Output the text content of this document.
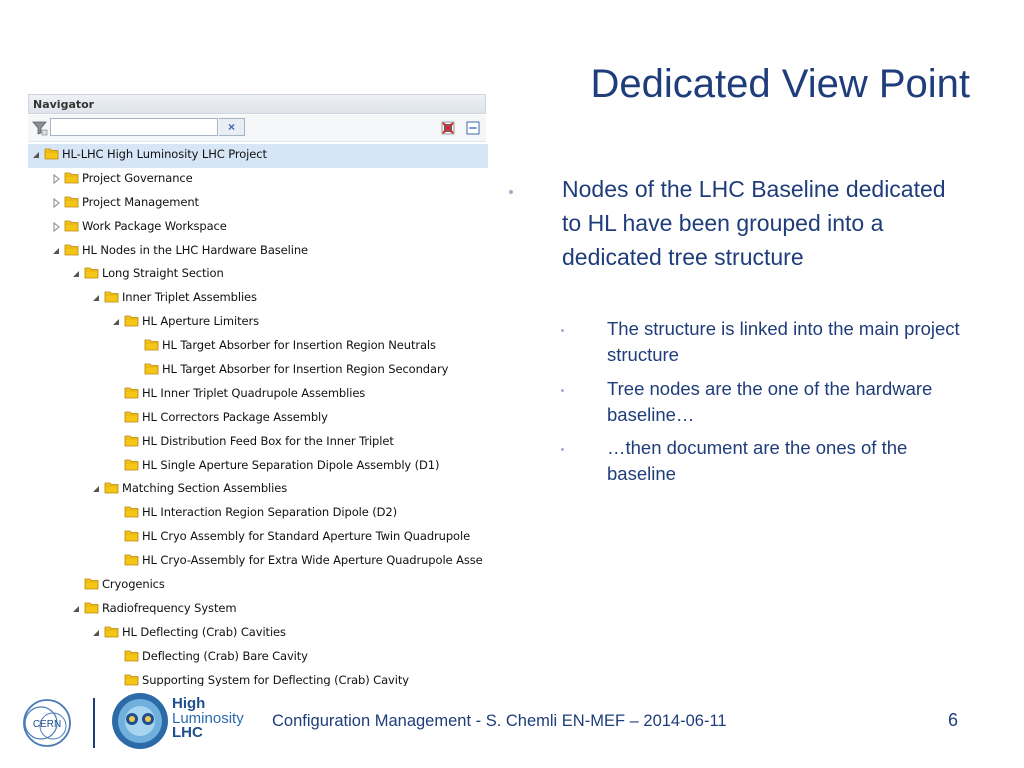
Dedicated View Point
Navigator
×
HL-LHC High Luminosity LHC Project
Project Governance
Project Management
Work Package Workspace
HL Nodes in the LHC Hardware Baseline
Long Straight Section
Inner Triplet Assemblies
HL Aperture Limiters
HL Target Absorber for Insertion Region Neutrals
HL Target Absorber for Insertion Region Secondary
HL Inner Triplet Quadrupole Assemblies
HL Correctors Package Assembly
HL Distribution Feed Box for the Inner Triplet
HL Single Aperture Separation Dipole Assembly (D1)
Matching Section Assemblies
HL Interaction Region Separation Dipole (D2)
HL Cryo Assembly for Standard Aperture Twin Quadrupole
HL Cryo-Assembly for Extra Wide Aperture Quadrupole Asse
Cryogenics
Radiofrequency System
HL Deflecting (Crab) Cavities
Deflecting (Crab) Bare Cavity
Supporting System for Deflecting (Crab) Cavity
Nodes of the LHC Baseline dedicated to HL have been grouped into a dedicated tree structure
The structure is linked into the main project structure
Tree nodes are the one of the hardware baseline…
…then document are the ones of the baseline
CERN
High
Luminosity
LHC
Configuration Management - S. Chemli EN-MEF – 2014-06-11	6
